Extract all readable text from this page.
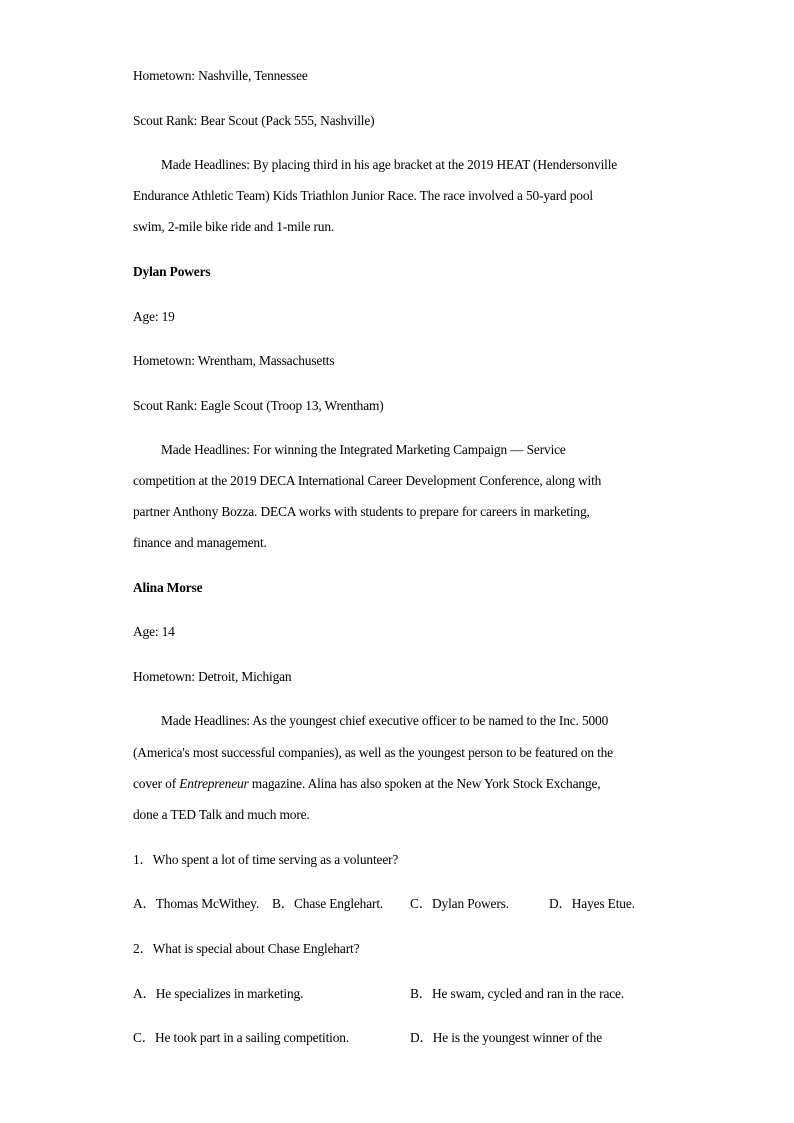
Hometown: Nashville, Tennessee
Scout Rank: Bear Scout (Pack 555, Nashville)
Made Headlines: By placing third in his age bracket at the 2019 HEAT (Hendersonville
Endurance Athletic Team) Kids Triathlon Junior Race. The race involved a 50-yard pool
swim, 2-mile bike ride and 1-mile run.
Dylan Powers
Age: 19
Hometown: Wrentham, Massachusetts
Scout Rank: Eagle Scout (Troop 13, Wrentham)
Made Headlines: For winning the Integrated Marketing Campaign — Service
competition at the 2019 DECA International Career Development Conference, along with
partner Anthony Bozza. DECA works with students to prepare for careers in marketing,
finance and management.
Alina Morse
Age: 14
Hometown: Detroit, Michigan
Made Headlines: As the youngest chief executive officer to be named to the Inc. 5000
(America's most successful companies), as well as the youngest person to be featured on the
cover of Entrepreneur magazine. Alina has also spoken at the New York Stock Exchange,
done a TED Talk and much more.
1．Who spent a lot of time serving as a volunteer?
A．Thomas McWithey. B．Chase Englehart. C．Dylan Powers.	D．Hayes Etue.
2．What is special about Chase Englehart?
A．He specializes in marketing.	B．He swam, cycled and ran in the race.
C．He took part in a sailing competition.	D．He is the youngest winner of the
